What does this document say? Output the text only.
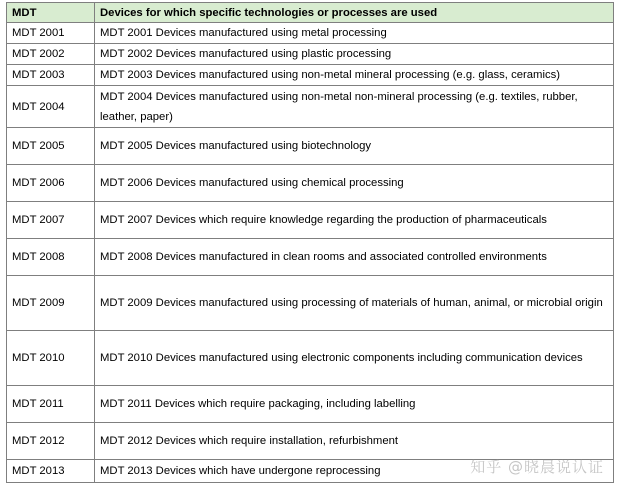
MDT	Devices for which specific technologies or processes are used
MDT 2001	MDT 2001 Devices manufactured using metal processing
MDT 2002	MDT 2002 Devices manufactured using plastic processing
MDT 2003	MDT 2003 Devices manufactured using non-metal mineral processing (e.g. glass, ceramics)
MDT 2004	MDT 2004 Devices manufactured using non-metal non-mineral processing (e.g. textiles, rubber, leather, paper)
MDT 2005	MDT 2005 Devices manufactured using biotechnology
MDT 2006	MDT 2006 Devices manufactured using chemical processing
MDT 2007	MDT 2007 Devices which require knowledge regarding the production of pharmaceuticals
MDT 2008	MDT 2008 Devices manufactured in clean rooms and associated controlled environments
MDT 2009	MDT 2009 Devices manufactured using processing of materials of human, animal, or microbial origin
MDT 2010	MDT 2010 Devices manufactured using electronic components including communication devices
MDT 2011	MDT 2011 Devices which require packaging, including labelling
MDT 2012	MDT 2012 Devices which require installation, refurbishment
MDT 2013	MDT 2013 Devices which have undergone reprocessing	知乎 @晓晨说认证
